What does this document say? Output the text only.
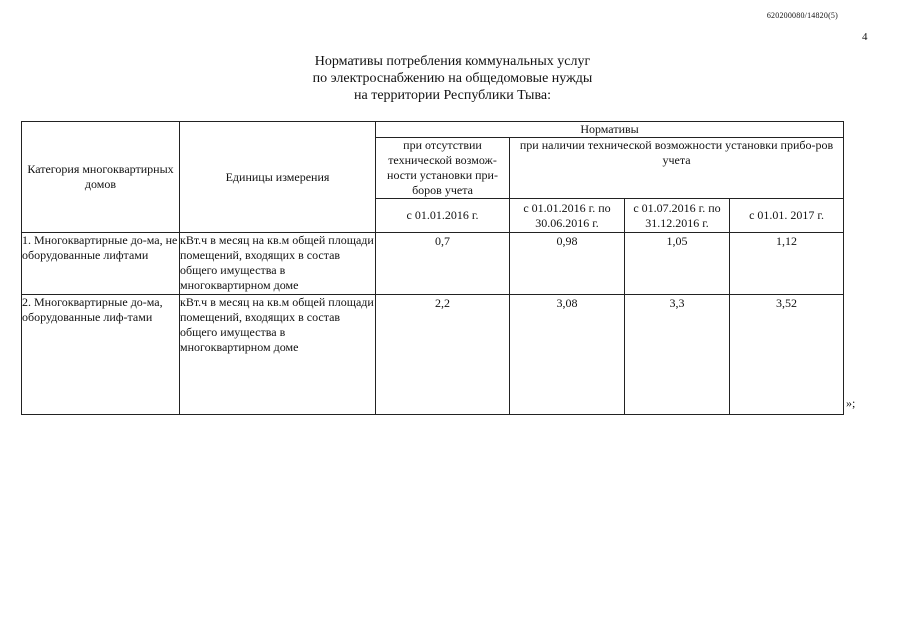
620200080/14820(5)
4
Нормативы потребления коммунальных услуг
по электроснабжению на общедомовые нужды
на территории Республики Тыва:
Категория многоквартирных домов	Единицы измерения	Нормативы			
		при отсутствии технической возмож-ности установки при-боров учета	при наличии технической возможности установки прибо-ров учета		
		с 01.01.2016 г.	с 01.01.2016 г. по 30.06.2016 г.	с 01.07.2016 г. по 31.12.2016 г.	с 01.01. 2017 г.
1. Многоквартирные до-ма, не оборудованные лифтами	кВт.ч в месяц на кв.м общей площади помещений, входящих в состав общего имущества в многоквартирном доме	0,7	0,98	1,05	1,12
2. Многоквартирные до-ма, оборудованные лиф-тами	кВт.ч в месяц на кв.м общей площади помещений, входящих в состав общего имущества в многоквартирном доме	2,2	3,08	3,3	3,52
»;
